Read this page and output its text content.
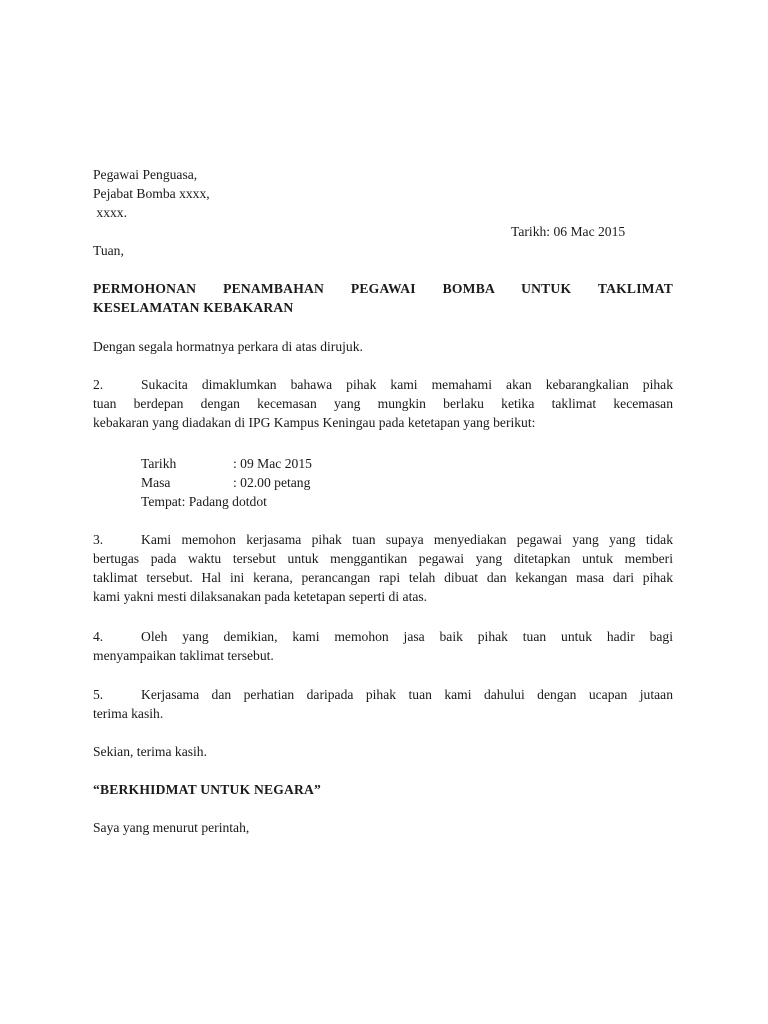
Pegawai Penguasa,
Pejabat Bomba xxxx,
xxxx.
Tarikh: 06 Mac 2015
Tuan,
PERMOHONAN PENAMBAHAN PEGAWAI BOMBA UNTUK TAKLIMAT
KESELAMATAN KEBAKARAN
Dengan segala hormatnya perkara di atas dirujuk.
2.	Sukacita dimaklumkan bahawa pihak kami memahami akan kebarangkalian pihak
tuan berdepan dengan kecemasan yang mungkin berlaku ketika taklimat kecemasan
kebakaran yang diadakan di IPG Kampus Keningau pada ketetapan yang berikut:
Tarikh	: 09 Mac 2015
Masa	: 02.00 petang
Tempat: Padang dotdot
3.	Kami memohon kerjasama pihak tuan supaya menyediakan pegawai yang yang tidak
bertugas pada waktu tersebut untuk menggantikan pegawai yang ditetapkan untuk memberi
taklimat tersebut. Hal ini kerana, perancangan rapi telah dibuat dan kekangan masa dari pihak
kami yakni mesti dilaksanakan pada ketetapan seperti di atas.
4.	Oleh yang demikian, kami memohon jasa baik pihak tuan untuk hadir bagi
menyampaikan taklimat tersebut.
5.	Kerjasama dan perhatian daripada pihak tuan kami dahului dengan ucapan jutaan
terima kasih.
Sekian, terima kasih.
“BERKHIDMAT UNTUK NEGARA”
Saya yang menurut perintah,
